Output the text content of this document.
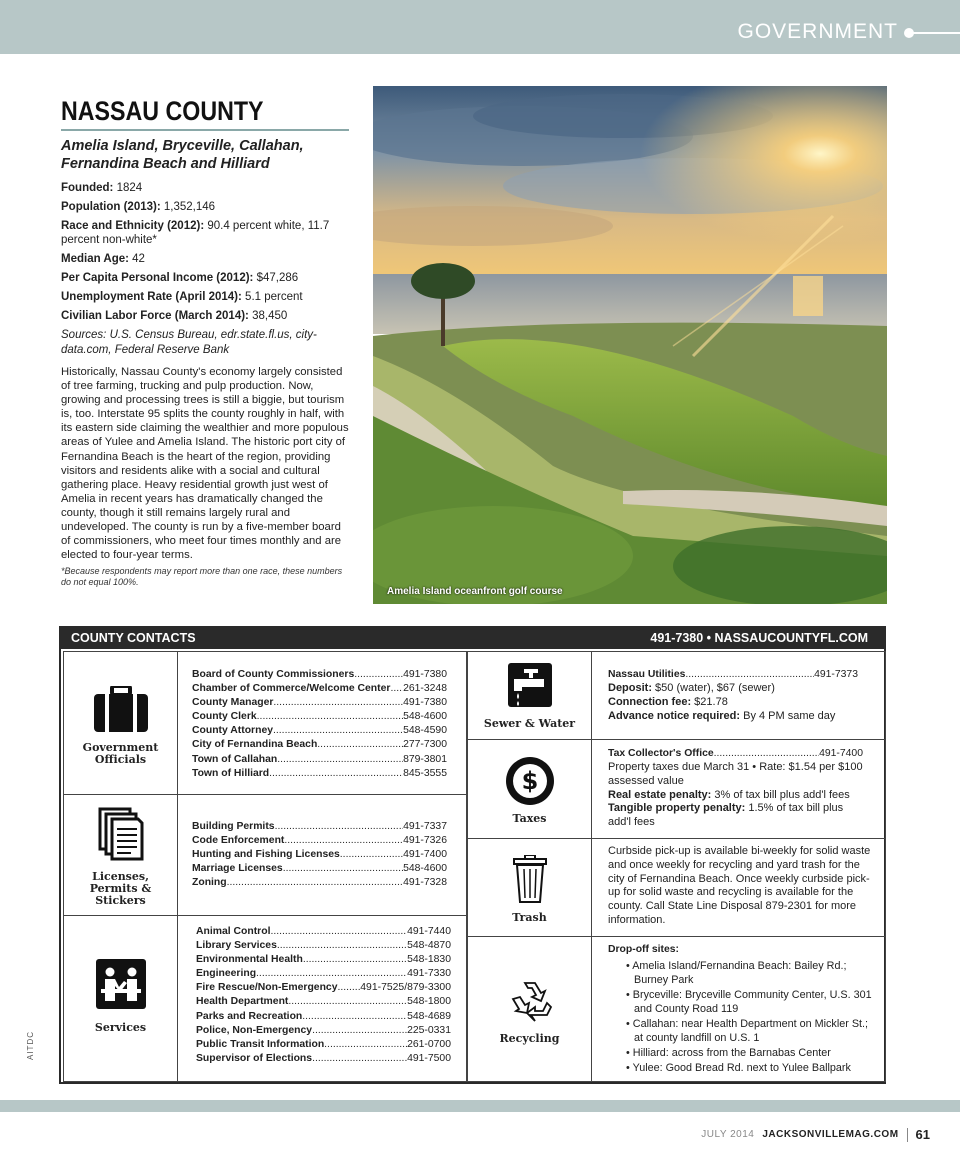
GOVERNMENT
NASSAU COUNTY
Amelia Island, Bryceville, Callahan, Fernandina Beach and Hilliard
Founded: 1824
Population (2013): 1,352,146
Race and Ethnicity (2012): 90.4 percent white, 11.7 percent non-white*
Median Age: 42
Per Capita Personal Income (2012): $47,286
Unemployment Rate (April 2014): 5.1 percent
Civilian Labor Force (March 2014): 38,450
Sources: U.S. Census Bureau, edr.state.fl.us, city-data.com, Federal Reserve Bank
Historically, Nassau County's economy largely consisted of tree farming, trucking and pulp production. Now, growing and processing trees is still a biggie, but tourism is, too. Interstate 95 splits the county roughly in half, with its eastern side claiming the wealthier and more populous areas of Yulee and Amelia Island. The historic port city of Fernandina Beach is the heart of the region, providing visitors and residents alike with a social and cultural gathering place. Heavy residential growth just west of Amelia in recent years has dramatically changed the county, though it still remains largely rural and undeveloped. The county is run by a five-member board of commissioners, who meet four times monthly and are elected to four-year terms.
*Because respondents may report more than one race, these numbers do not equal 100%.
Amelia Island oceanfront golf course
COUNTY CONTACTS	491-7380 • NASSAUCOUNTYFL.COM
Government Officials
Board of County Commissioners .....	491-7380
Chamber of Commerce/Welcome Center ..... 261-3248
County Manager .....	491-7380
County Clerk .....	548-4600
County Attorney .....	548-4590
City of Fernandina Beach .....	277-7300
Town of Callahan .....	879-3801
Town of Hilliard .....	845-3555
Licenses, Permits & Stickers
Building Permits .....	491-7337
Code Enforcement .....	491-7326
Hunting and Fishing Licenses .....	491-7400
Marriage Licenses .....	548-4600
Zoning .....	491-7328
Services
Animal Control .....	491-7440
Library Services .....	548-4870
Environmental Health .....	548-1830
Engineering .....	491-7330
Fire Rescue/Non-Emergency ..... 491-7525/879-3300
Health Department .....	548-1800
Parks and Recreation .....	548-4689
Police, Non-Emergency .....	225-0331
Public Transit Information .....	261-0700
Supervisor of Elections .....	491-7500
Sewer & Water
Nassau Utilities .....	491-7373
Deposit: $50 (water), $67 (sewer)
Connection fee: $21.78
Advance notice required: By 4 PM same day
$
Taxes
Tax Collector's Office .....	491-7400
Property taxes due March 31 • Rate: $1.54 per $100 assessed value
Real estate penalty: 3% of tax bill plus add'l fees
Tangible property penalty: 1.5% of tax bill plus add'l fees
Trash
Curbside pick-up is available bi-weekly for solid waste and once weekly for recycling and yard trash for the city of Fernandina Beach. Once weekly curbside pick-up for solid waste and recycling is available for the county. Call State Line Disposal 879-2301 for more information.
Recycling
Drop-off sites:
• Amelia Island/Fernandina Beach: Bailey Rd.; Burney Park
• Bryceville: Bryceville Community Center, U.S. 301 and County Road 119
• Callahan: near Health Department on Mickler St.; at county landfill on U.S. 1
• Hilliard: across from the Barnabas Center
• Yulee: Good Bread Rd. next to Yulee Ballpark
AITDC
JULY 2014 JACKSONVILLEMAG.COM 61
